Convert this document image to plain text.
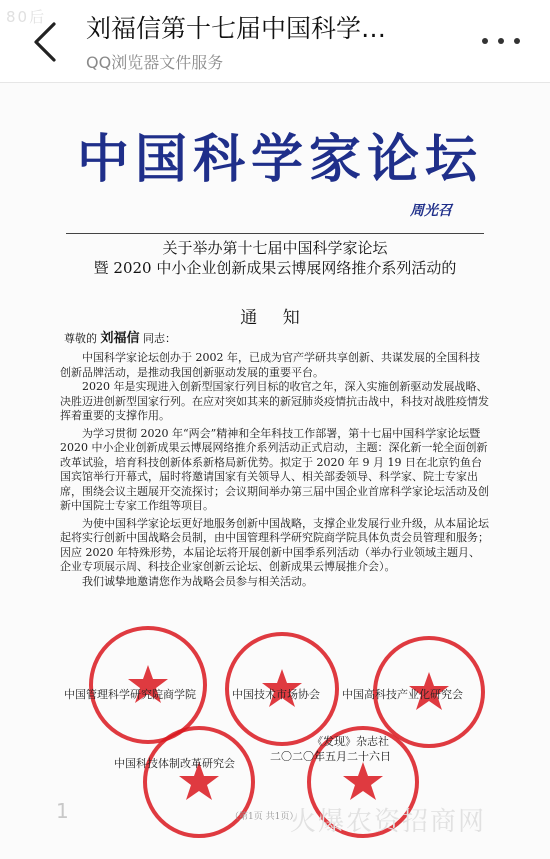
80后 刘福信第十七届中国科学…
QQ浏览器文件服务
中国科学家论坛
周光召
关于举办第十七届中国科学家论坛
暨 2020 中小企业创新成果云博展网络推介系列活动的
通 知
尊敬的 刘福信 同志：

中国科学家论坛创办于 2002 年，已成为官产学研共享创新、共谋发展的全国科技创新品牌活动，是推动我国创新驱动发展的重要平台。

2020 年是实现进入创新型国家行列目标的收官之年，深入实施创新驱动发展战略、决胜迈进创新型国家行列。在应对突如其来的新冠肺炎疫情抗击战中，科技对战胜疫情发挥着重要的支撑作用。

为学习贯彻 2020 年“两会”精神和全年科技工作部署，第十七届中国科学家论坛暨 2020 中小企业创新成果云博展网络推介系列活动正式启动，主题：深化新一轮全面创新改革试验，培育科技创新体系新格局新优势。拟定于 2020 年 9 月 19 日在北京钓鱼台国宾馆举行开幕式，届时将邀请国家有关领导人、相关部委领导、科学家、院士专家出席，围绕会议主题展开交流探讨；会议期间举办第三届中国企业首席科学家论坛活动及创新中国院士专家工作组等项目。

为使中国科学家论坛更好地服务创新中国战略，支撑企业发展行业升级，从本届论坛起将实行创新中国战略会员制，由中国管理科学研究院商学院具体负责会员管理和服务；因应 2020 年特殊形势，本届论坛将开展创新中国季系列活动（举办行业领域主题月、企业专项展示周、科技企业家创新云论坛、创新成果云博展推介会）。

我们诚挚地邀请您作为战略会员参与相关活动。

中国管理科学研究院商学院	中国技术市场协会 中国高科技产业化研究会
中国科技体制改革研究会
《发现》杂志社
二〇二〇年五月二十六日
1	（第1页 共1页）
火爆农资招商网
